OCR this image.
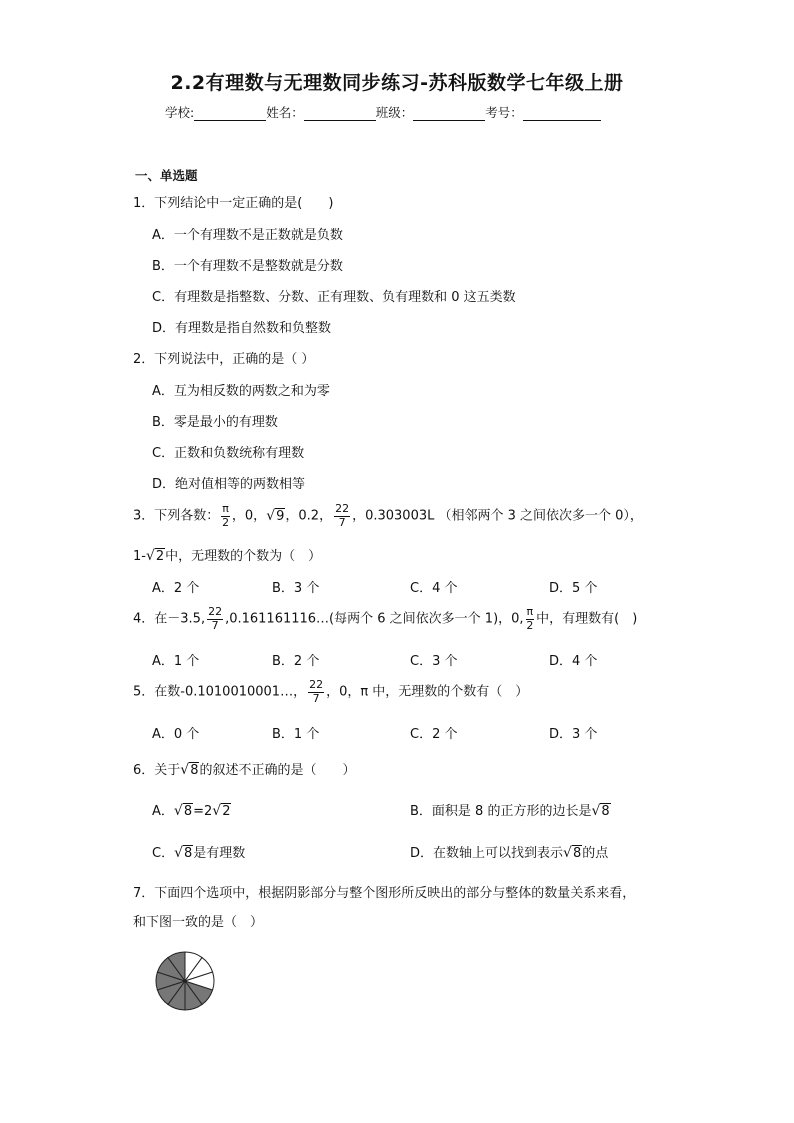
2.2有理数与无理数同步练习-苏科版数学七年级上册
学校:	姓名：	班级：	考号：
一、单选题
1．下列结论中一定正确的是(　　)
A．一个有理数不是正数就是负数
B．一个有理数不是整数就是分数
C．有理数是指整数、分数、正有理数、负有理数和 0 这五类数
D．有理数是指自然数和负整数
2．下列说法中，正确的是（ ）
A．互为相反数的两数之和为零
B．零是最小的有理数
C．正数和负数统称有理数
D．绝对值相等的两数相等
3．下列各数： $\frac{\pi}{2}$ ，0，√9，0.2， $\frac{22}{7}$ ，0.303003L （相邻两个 3 之间依次多一个 0），
1-√2中，无理数的个数为（　）
A．2 个	B．3 个	C．4 个	D．5 个
4．在－3.5, $\frac{22}{7}$ ,0.161161116…(每两个 6 之间依次多一个 1)，0, $\frac{\pi}{2}$ 中，有理数有(　)
A．1 个	B．2 个	C．3 个	D．4 个
5．在数-0.1010010001…， $\frac{22}{7}$ ，0，π 中，无理数的个数有（　）
A．0 个	B．1 个	C．2 个	D．3 个
6．关于√8的叙述不正确的是（　　）
A．√8=2√2	B．面积是 8 的正方形的边长是√8
C．√8是有理数	D．在数轴上可以找到表示√8的点
7．下面四个选项中，根据阴影部分与整个图形所反映出的部分与整体的数量关系来看，
和下图一致的是（　）
